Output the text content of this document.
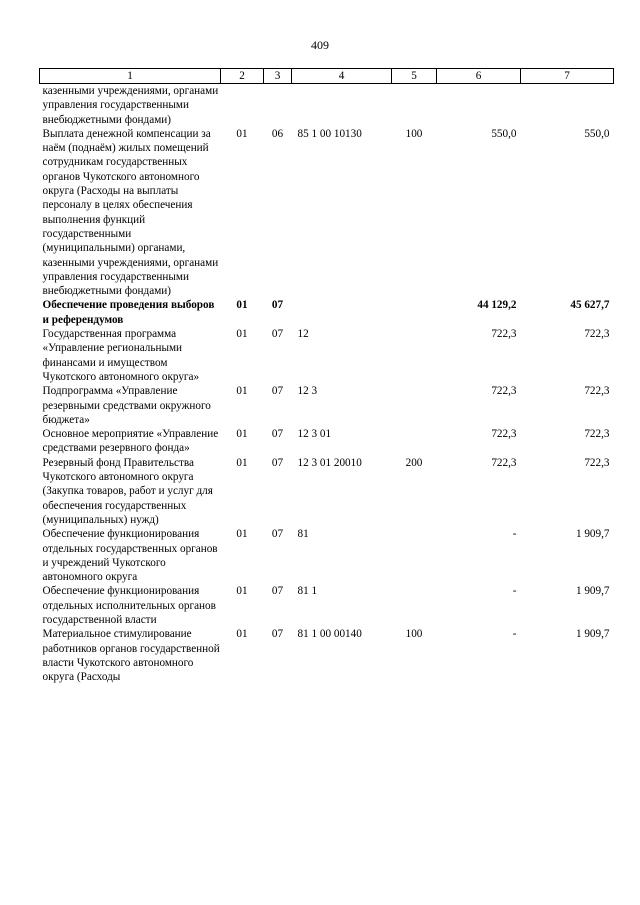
409
1	2	3	4	5	6	7
казенными учреждениями, органами управления государственными внебюджетными фондами)						
Выплата денежной компенсации за наём (поднаём) жилых помещений сотрудникам государственных органов Чукотского автономного округа (Расходы на выплаты персоналу в целях обеспечения выполнения функций государственными (муниципальными) органами, казенными учреждениями, органами управления государственными внебюджетными фондами)	01	06	85 1 00 10130	100	550,0	550,0
Обеспечение проведения выборов и референдумов	01	07			44 129,2	45 627,7
Государственная программа «Управление региональными финансами и имуществом Чукотского автономного округа»	01	07	12		722,3	722,3
Подпрограмма «Управление резервными средствами окружного бюджета»	01	07	12 3		722,3	722,3
Основное мероприятие «Управление средствами резервного фонда»	01	07	12 3 01		722,3	722,3
Резервный фонд Правительства Чукотского автономного округа (Закупка товаров, работ и услуг для обеспечения государственных (муниципальных) нужд)	01	07	12 3 01 20010	200	722,3	722,3
Обеспечение функционирования отдельных государственных органов и учреждений Чукотского автономного округа	01	07	81		-	1 909,7
Обеспечение функционирования отдельных исполнительных органов государственной власти	01	07	81 1		-	1 909,7
Материальное стимулирование работников органов государственной власти Чукотского автономного округа (Расходы	01	07	81 1 00 00140	100	-	1 909,7
